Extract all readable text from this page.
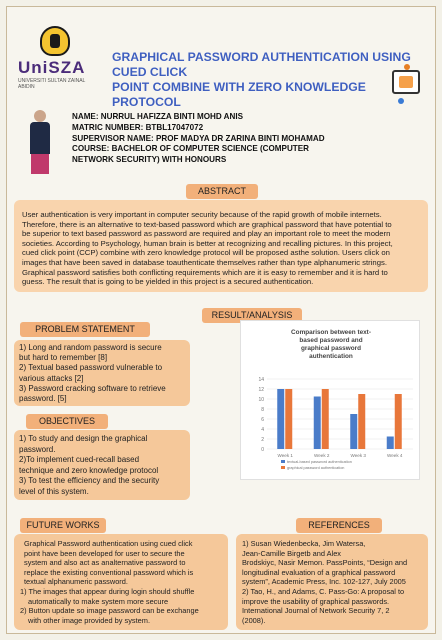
UniSZA
UNIVERSITI SULTAN ZAINAL ABIDIN
GRAPHICAL PASSWORD AUTHENTICATION USING CUED CLICK
POINT COMBINE WITH ZERO KNOWLEDGE PROTOCOL
NAME: NURRUL HAFIZZA BINTI MOHD ANIS
MATRIC NUMBER: BTBL17047072
SUPERVISOR NAME: PROF MADYA DR ZARINA BINTI MOHAMAD
COURSE: BACHELOR OF COMPUTER SCIENCE (COMPUTER
NETWORK SECURITY) WITH HONOURS
ABSTRACT
User authentication is very important in computer security because of the rapid growth of mobile internets.
Therefore, there is an alternative to text-based password which are graphical password that have potential to
be superior to text based password as password are required and play an important role to meet the modern
societies. According to Psychology, human brain is better at recognizing and recalling pictures. In this project,
cued click point (CCP) combine with zero knowledge protocol will be proposed asthe solution. Users click on
images that have been saved in database toauthenticate themselves rather than type alphanumeric strings.
Graphical password satisfies both conflicting requirements which are it is easy to remember and it is hard to
guess. The result that is going to be yielded in this project is a secured authentication.
RESULT/ANALYSIS
PROBLEM STATEMENT
1) Long and random password is secure
but hard to remember [8]
2) Textual based password vulnerable to
various attacks [2]
3) Password cracking software to retrieve
password. [5]
OBJECTIVES
1) To study and design the graphical
password.
2)To implement cued-recall based
technique and zero knowledge protocol
3) To test the efficiency and the security
level of this system.
Comparison between text-
based password and
graphical password
authentication
0
2
4
6
8
10
12
14
Week 1	Week 2	Week 3	Week 4
textual-based password authentication
graphical password authentication
FUTURE WORKS
Graphical Password authentication using cued click
point have been developed for user to secure the
system and also act as analternative password to
replace the existing conventional password which is
textual alphanumeric password.
1) The images that appear during login should shuffle
automatically to make system more secure
2) Button update so image password can be exchange
with other image provided by system.
REFERENCES
1) Susan Wiedenbecka, Jim Watersa,
Jean-Camille Birgetb and Alex
Brodskiyc, Nasir Memon. PassPoints, “Design and
longitudinal evaluation of a graphical password
system”, Academic Press, Inc. 102-127, July 2005
2) Tao, H., and Adams, C. Pass-Go: A proposal to
improve the usability of graphical passwords.
International Journal of Network Security 7, 2
(2008).
